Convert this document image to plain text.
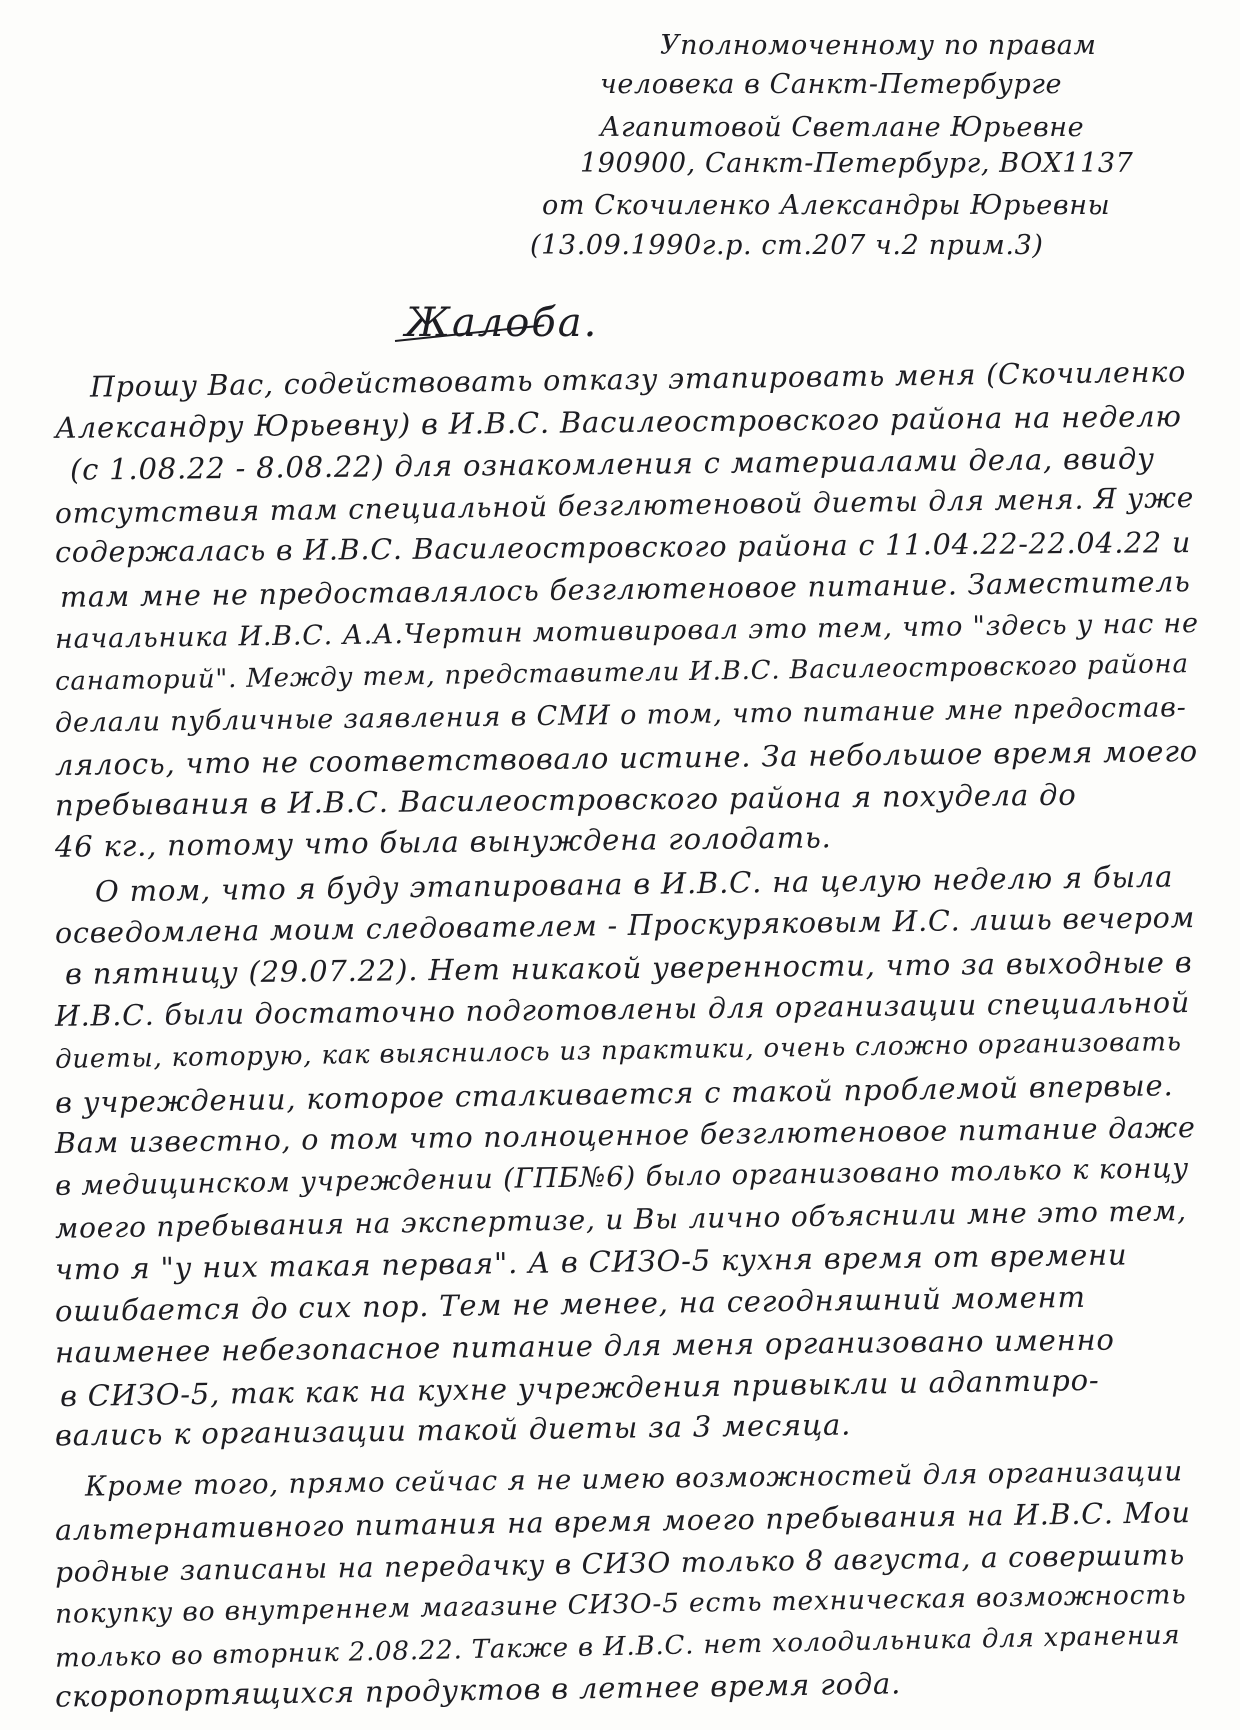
Уполномоченному по правам
человека в Санкт-Петербурге
Агапитовой Светлане Юрьевне
190900, Санкт-Петербург, BOX1137
от Скочиленко Александры Юрьевны
(13.09.1990г.р. ст.207 ч.2 прим.3)
Жалоба.
Прошу Вас, содействовать отказу этапировать меня (Скочиленко
Александру Юрьевну) в И.В.С. Василеостровского района на неделю
(с 1.08.22 - 8.08.22) для ознакомления с материалами дела, ввиду
отсутствия там специальной безглютеновой диеты для меня. Я уже
содержалась в И.В.С. Василеостровского района с 11.04.22-22.04.22 и
там мне не предоставлялось безглютеновое питание. Заместитель
начальника И.В.С. А.А.Чертин мотивировал это тем, что "здесь у нас не
санаторий". Между тем, представители И.В.С. Василеостровского района
делали публичные заявления в СМИ о том, что питание мне предостав-
лялось, что не соответствовало истине. За небольшое время моего
пребывания в И.В.С. Василеостровского района я похудела до
46 кг., потому что была вынуждена голодать.
О том, что я буду этапирована в И.В.С. на целую неделю я была
осведомлена моим следователем - Проскуряковым И.С. лишь вечером
в пятницу (29.07.22). Нет никакой уверенности, что за выходные в
И.В.С. были достаточно подготовлены для организации специальной
диеты, которую, как выяснилось из практики, очень сложно организовать
в учреждении, которое сталкивается с такой проблемой впервые.
Вам известно, о том что полноценное безглютеновое питание даже
в медицинском учреждении (ГПБ№6) было организовано только к концу
моего пребывания на экспертизе, и Вы лично объяснили мне это тем,
что я "у них такая первая". А в СИЗО-5 кухня время от времени
ошибается до сих пор. Тем не менее, на сегодняшний момент
наименее небезопасное питание для меня организовано именно
в СИЗО-5, так как на кухне учреждения привыкли и адаптиро-
вались к организации такой диеты за 3 месяца.
Кроме того, прямо сейчас я не имею возможностей для организации
альтернативного питания на время моего пребывания на И.В.С. Мои
родные записаны на передачку в СИЗО только 8 августа, а совершить
покупку во внутреннем магазине СИЗО-5 есть техническая возможность
только во вторник 2.08.22. Также в И.В.С. нет холодильника для хранения
скоропортящихся продуктов в летнее время года.
